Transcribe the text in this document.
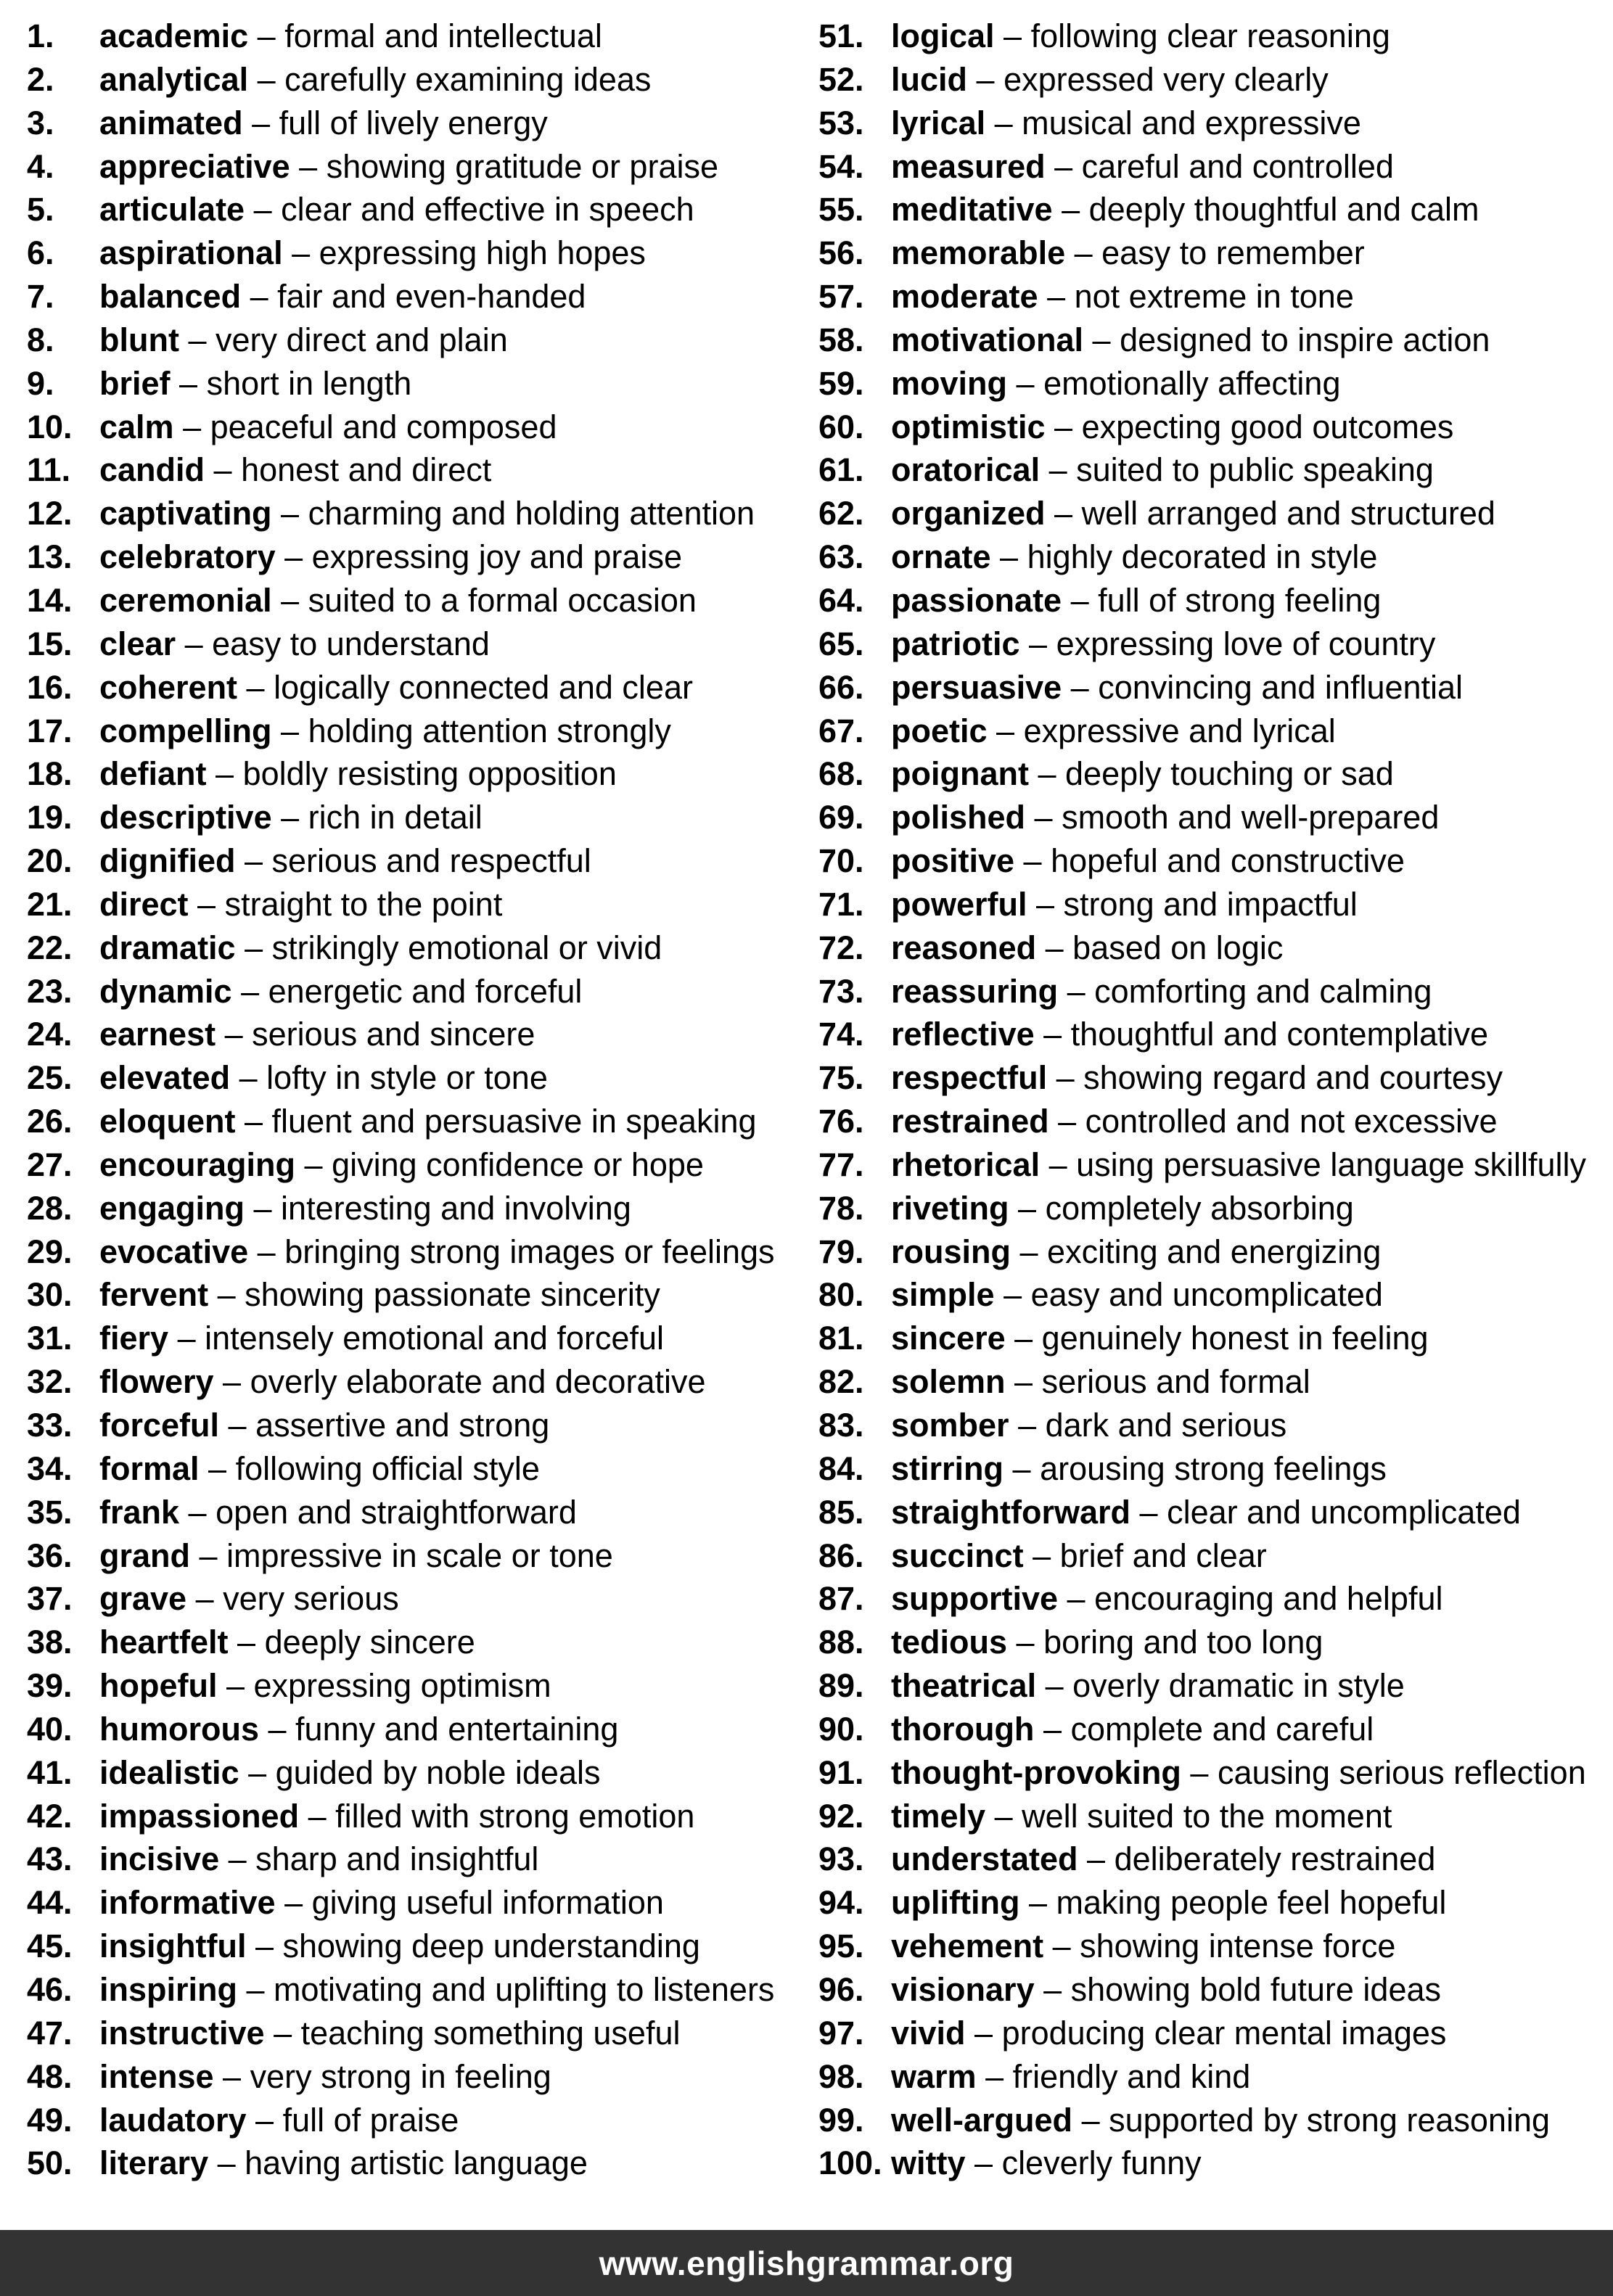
1.	academic – formal and intellectual
2.	analytical – carefully examining ideas
3.	animated – full of lively energy
4.	appreciative – showing gratitude or praise
5.	articulate – clear and effective in speech
6.	aspirational – expressing high hopes
7.	balanced – fair and even-handed
8.	blunt – very direct and plain
9.	brief – short in length
10. calm – peaceful and composed
11. candid – honest and direct
12. captivating – charming and holding attention
13. celebratory – expressing joy and praise
14. ceremonial – suited to a formal occasion
15. clear – easy to understand
16. coherent – logically connected and clear
17. compelling – holding attention strongly
18. defiant – boldly resisting opposition
19. descriptive – rich in detail
20. dignified – serious and respectful
21. direct – straight to the point
22. dramatic – strikingly emotional or vivid
23. dynamic – energetic and forceful
24. earnest – serious and sincere
25. elevated – lofty in style or tone
26. eloquent – fluent and persuasive in speaking
27. encouraging – giving confidence or hope
28. engaging – interesting and involving
29. evocative – bringing strong images or feelings
30. fervent – showing passionate sincerity
31. fiery – intensely emotional and forceful
32. flowery – overly elaborate and decorative
33. forceful – assertive and strong
34. formal – following official style
35. frank – open and straightforward
36. grand – impressive in scale or tone
37. grave – very serious
38. heartfelt – deeply sincere
39. hopeful – expressing optimism
40. humorous – funny and entertaining
41. idealistic – guided by noble ideals
42. impassioned – filled with strong emotion
43. incisive – sharp and insightful
44. informative – giving useful information
45. insightful – showing deep understanding
46. inspiring – motivating and uplifting to listeners
47. instructive – teaching something useful
48. intense – very strong in feeling
49. laudatory – full of praise
50. literary – having artistic language
51. logical – following clear reasoning
52. lucid – expressed very clearly
53. lyrical – musical and expressive
54. measured – careful and controlled
55. meditative – deeply thoughtful and calm
56. memorable – easy to remember
57. moderate – not extreme in tone
58. motivational – designed to inspire action
59. moving – emotionally affecting
60. optimistic – expecting good outcomes
61. oratorical – suited to public speaking
62. organized – well arranged and structured
63. ornate – highly decorated in style
64. passionate – full of strong feeling
65. patriotic – expressing love of country
66. persuasive – convincing and influential
67. poetic – expressive and lyrical
68. poignant – deeply touching or sad
69. polished – smooth and well-prepared
70. positive – hopeful and constructive
71. powerful – strong and impactful
72. reasoned – based on logic
73. reassuring – comforting and calming
74. reflective – thoughtful and contemplative
75. respectful – showing regard and courtesy
76. restrained – controlled and not excessive
77. rhetorical – using persuasive language skillfully
78. riveting – completely absorbing
79. rousing – exciting and energizing
80. simple – easy and uncomplicated
81. sincere – genuinely honest in feeling
82. solemn – serious and formal
83. somber – dark and serious
84. stirring – arousing strong feelings
85. straightforward – clear and uncomplicated
86. succinct – brief and clear
87. supportive – encouraging and helpful
88. tedious – boring and too long
89. theatrical – overly dramatic in style
90. thorough – complete and careful
91. thought-provoking – causing serious reflection
92. timely – well suited to the moment
93. understated – deliberately restrained
94. uplifting – making people feel hopeful
95. vehement – showing intense force
96. visionary – showing bold future ideas
97. vivid – producing clear mental images
98. warm – friendly and kind
99. well-argued – supported by strong reasoning
100. witty – cleverly funny
www.englishgrammar.org
